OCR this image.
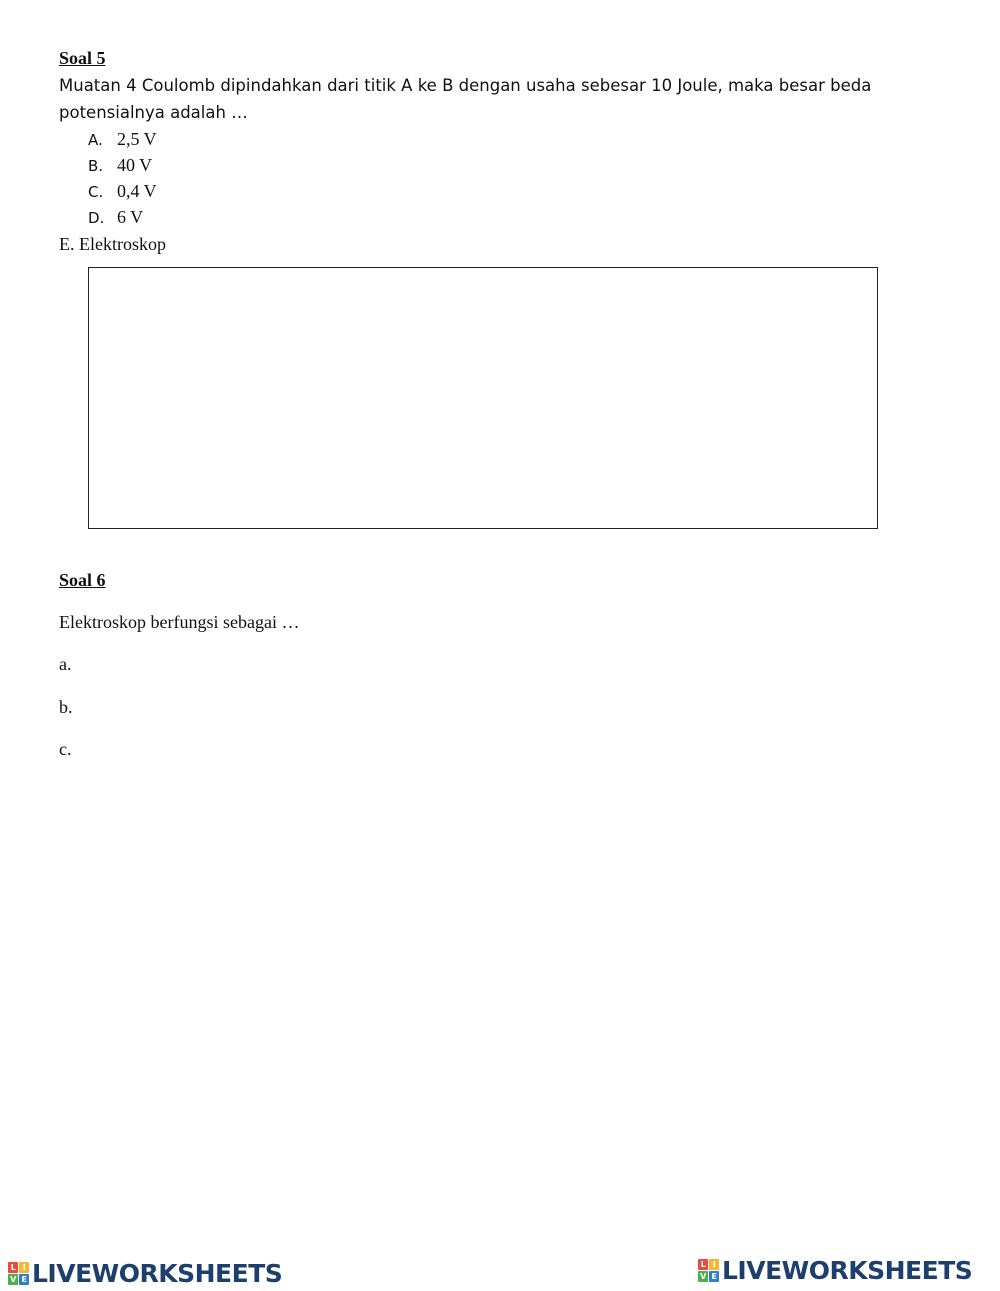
Soal 5
Muatan 4 Coulomb dipindahkan dari titik A ke B dengan usaha sebesar 10 Joule, maka besar beda potensialnya adalah …
A. 2,5 V
B. 40 V
C. 0,4 V
D. 6 V
E. Elektroskop
Soal 6
Elektroskop berfungsi sebagai …
a.
b.
c.
L I
V E LIVEWORKSHEETS	L I
V E LIVEWORKSHEETS
